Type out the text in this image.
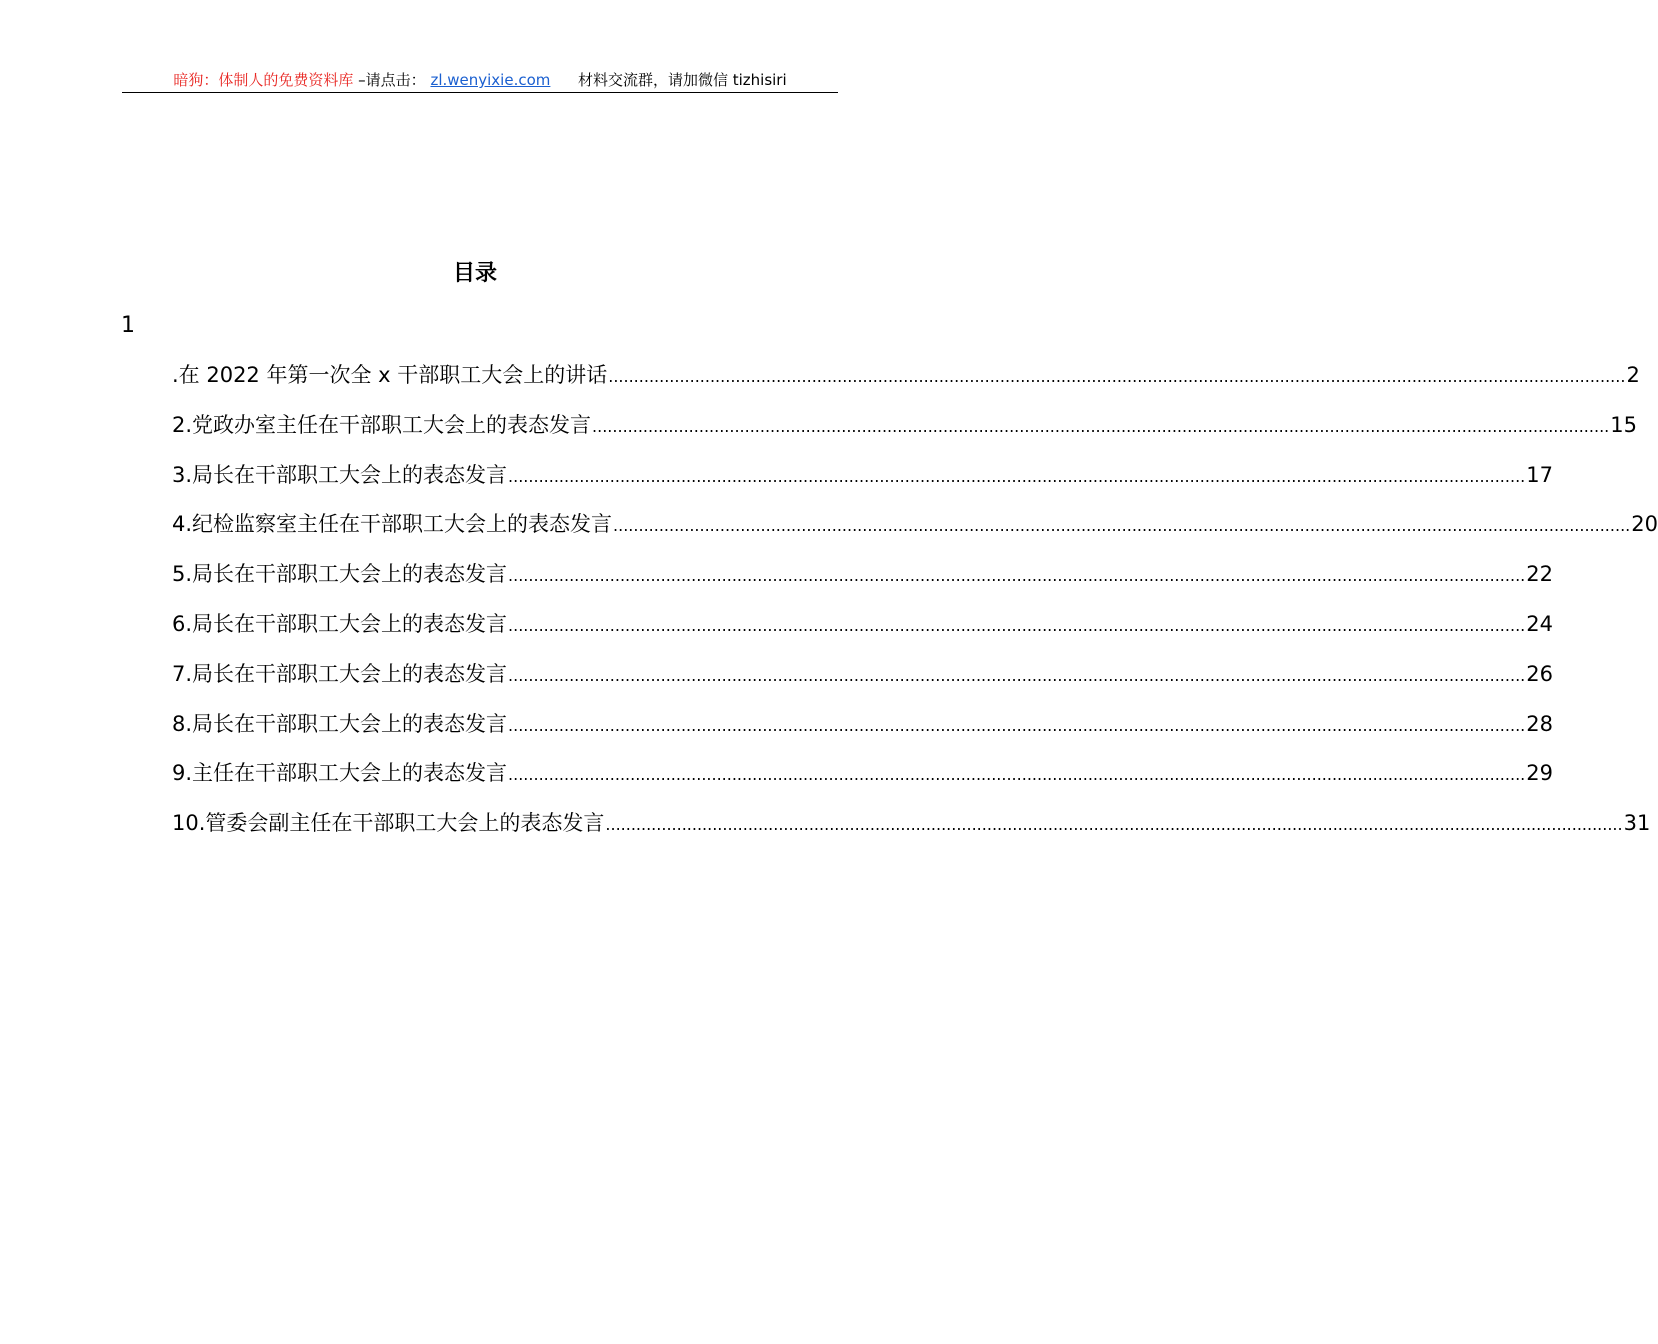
暗狗：体制人的免费资料库 –请点击： zl.wenyixie.com 材料交流群，请加微信 tizhisiri
目录
1
.在 2022 年第一次全 x 干部职工大会上的讲话 ........................................................................................................................................................................................................ 2
2.党政办室主任在干部职工大会上的表态发言 ........................................................................................................................................................................................................ 15
3.局长在干部职工大会上的表态发言 ........................................................................................................................................................................................................ 17
4.纪检监察室主任在干部职工大会上的表态发言 ........................................................................................................................................................................................................ 20
5.局长在干部职工大会上的表态发言 ........................................................................................................................................................................................................ 22
6.局长在干部职工大会上的表态发言 ........................................................................................................................................................................................................ 24
7.局长在干部职工大会上的表态发言 ........................................................................................................................................................................................................ 26
8.局长在干部职工大会上的表态发言 ........................................................................................................................................................................................................ 28
9.主任在干部职工大会上的表态发言 ........................................................................................................................................................................................................ 29
10.管委会副主任在干部职工大会上的表态发言 ........................................................................................................................................................................................................ 31
